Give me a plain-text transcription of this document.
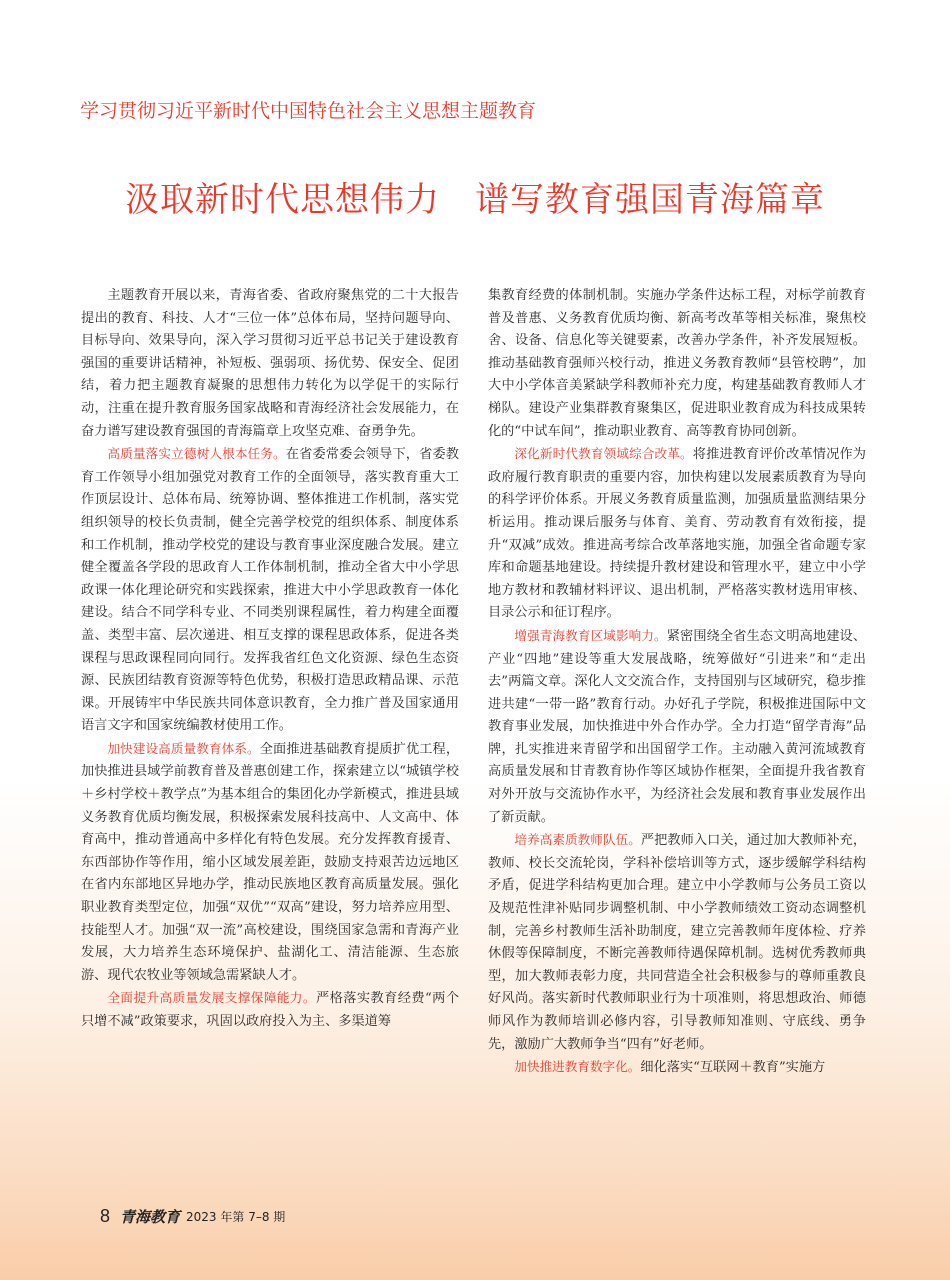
学习贯彻习近平新时代中国特色社会主义思想主题教育
汲取新时代思想伟力　谱写教育强国青海篇章

主题教育开展以来，青海省委、省政府聚焦党的二十大报告提出的教育、科技、人才“三位一体”总体布局，坚持问题导向、目标导向、效果导向，深入学习贯彻习近平总书记关于建设教育强国的重要讲话精神，补短板、强弱项、扬优势、保安全、促团结，着力把主题教育凝聚的思想伟力转化为以学促干的实际行动，注重在提升教育服务国家战略和青海经济社会发展能力，在奋力谱写建设教育强国的青海篇章上攻坚克难、奋勇争先。

高质量落实立德树人根本任务。在省委常委会领导下，省委教育工作领导小组加强党对教育工作的全面领导，落实教育重大工作顶层设计、总体布局、统筹协调、整体推进工作机制，落实党组织领导的校长负责制，健全完善学校党的组织体系、制度体系和工作机制，推动学校党的建设与教育事业深度融合发展。建立健全覆盖各学段的思政育人工作体制机制，推动全省大中小学思政课一体化理论研究和实践探索，推进大中小学思政教育一体化建设。结合不同学科专业、不同类别课程属性，着力构建全面覆盖、类型丰富、层次递进、相互支撑的课程思政体系，促进各类课程与思政课程同向同行。发挥我省红色文化资源、绿色生态资源、民族团结教育资源等特色优势，积极打造思政精品课、示范课。开展铸牢中华民族共同体意识教育，全力推广普及国家通用语言文字和国家统编教材使用工作。

加快建设高质量教育体系。全面推进基础教育提质扩优工程，加快推进县域学前教育普及普惠创建工作，探索建立以“城镇学校＋乡村学校＋教学点”为基本组合的集团化办学新模式，推进县域义务教育优质均衡发展，积极探索发展科技高中、人文高中、体育高中，推动普通高中多样化有特色发展。充分发挥教育援青、东西部协作等作用，缩小区域发展差距，鼓励支持艰苦边远地区在省内东部地区异地办学，推动民族地区教育高质量发展。强化职业教育类型定位，加强“双优”“双高”建设，努力培养应用型、技能型人才。加强“双一流”高校建设，围绕国家急需和青海产业发展，大力培养生态环境保护、盐湖化工、清洁能源、生态旅游、现代农牧业等领域急需紧缺人才。

全面提升高质量发展支撑保障能力。严格落实教育经费“两个只增不减”政策要求，巩固以政府投入为主、多渠道筹

集教育经费的体制机制。实施办学条件达标工程，对标学前教育普及普惠、义务教育优质均衡、新高考改革等相关标准，聚焦校舍、设备、信息化等关键要素，改善办学条件，补齐发展短板。推动基础教育强师兴校行动，推进义务教育教师“县管校聘”，加大中小学体音美紧缺学科教师补充力度，构建基础教育教师人才梯队。建设产业集群教育聚集区，促进职业教育成为科技成果转化的“中试车间”，推动职业教育、高等教育协同创新。

深化新时代教育领域综合改革。将推进教育评价改革情况作为政府履行教育职责的重要内容，加快构建以发展素质教育为导向的科学评价体系。开展义务教育质量监测，加强质量监测结果分析运用。推动课后服务与体育、美育、劳动教育有效衔接，提升“双减”成效。推进高考综合改革落地实施，加强全省命题专家库和命题基地建设。持续提升教材建设和管理水平，建立中小学地方教材和教辅材料评议、退出机制，严格落实教材选用审核、目录公示和征订程序。

增强青海教育区域影响力。紧密围绕全省生态文明高地建设、产业“四地”建设等重大发展战略，统筹做好“引进来”和“走出去”两篇文章。深化人文交流合作，支持国别与区域研究，稳步推进共建“一带一路”教育行动。办好孔子学院，积极推进国际中文教育事业发展，加快推进中外合作办学。全力打造“留学青海”品牌，扎实推进来青留学和出国留学工作。主动融入黄河流域教育高质量发展和甘青教育协作等区域协作框架，全面提升我省教育对外开放与交流协作水平，为经济社会发展和教育事业发展作出了新贡献。

培养高素质教师队伍。严把教师入口关，通过加大教师补充，教师、校长交流轮岗，学科补偿培训等方式，逐步缓解学科结构矛盾，促进学科结构更加合理。建立中小学教师与公务员工资以及规范性津补贴同步调整机制、中小学教师绩效工资动态调整机制，完善乡村教师生活补助制度，建立完善教师年度体检、疗养休假等保障制度，不断完善教师待遇保障机制。选树优秀教师典型，加大教师表彰力度，共同营造全社会积极参与的尊师重教良好风尚。落实新时代教师职业行为十项准则，将思想政治、师德师风作为教师培训必修内容，引导教师知准则、守底线、勇争先，激励广大教师争当“四有”好老师。

加快推进教育数字化。细化落实“互联网＋教育”实施方

8 青海教育 2023 年第 7–8 期
